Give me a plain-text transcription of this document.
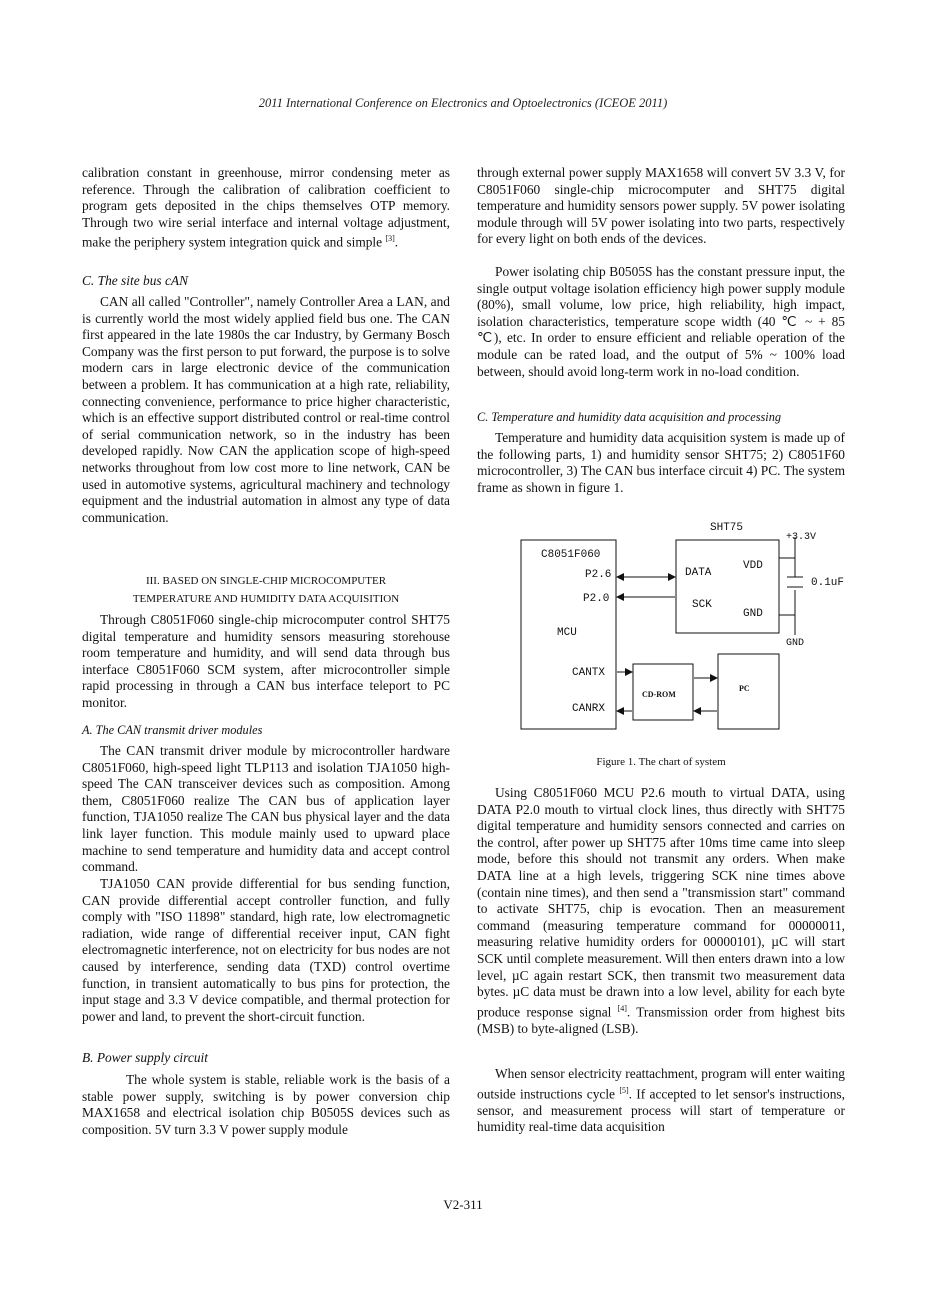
2011 International Conference on Electronics and Optoelectronics (ICEOE 2011)

calibration constant in greenhouse, mirror condensing meter as reference. Through the calibration of calibration coefficient to program gets deposited in the chips themselves OTP memory. Through two wire serial interface and internal voltage adjustment, make the periphery system integration quick and simple [3].

C. The site bus cAN

CAN all called "Controller", namely Controller Area a LAN, and is currently world the most widely applied field bus one. The CAN first appeared in the late 1980s the car Industry, by Germany Bosch Company was the first person to put forward, the purpose is to solve modern cars in large electronic device of the communication between a problem. It has communication at a high rate, reliability, connecting convenience, performance to price higher characteristic, which is an effective support distributed control or real-time control of serial communication network, so in the industry has been developed rapidly. Now CAN the application scope of high-speed networks throughout from low cost more to line network, CAN be used in automotive systems, agricultural machinery and technology equipment and the industrial automation in almost any type of data communication.

III. BASED ON SINGLE-CHIP MICROCOMPUTER
TEMPERATURE AND HUMIDITY DATA ACQUISITION

Through C8051F060 single-chip microcomputer control SHT75 digital temperature and humidity sensors measuring storehouse room temperature and humidity, and will send data through bus interface C8051F060 SCM system, after microcontroller simple rapid processing in through a CAN bus interface teleport to PC monitor.

A. The CAN transmit driver modules

The CAN transmit driver module by microcontroller hardware C8051F060, high-speed light TLP113 and isolation TJA1050 high-speed The CAN transceiver devices such as composition. Among them, C8051F060 realize The CAN bus of application layer function, TJA1050 realize The CAN bus physical layer and the data link layer function. This module mainly used to upward place machine to send temperature and humidity data and accept control command.

TJA1050 CAN provide differential for bus sending function, CAN provide differential accept controller function, and fully comply with "ISO 11898" standard, high rate, low electromagnetic radiation, wide range of differential receiver input, CAN fight electromagnetic interference, not on electricity for bus nodes are not caused by interference, sending data (TXD) control overtime function, in transient automatically to bus pins for protection, the input stage and 3.3 V device compatible, and thermal protection for power and land, to prevent the short-circuit function.

B. Power supply circuit

The whole system is stable, reliable work is the basis of a stable power supply, switching is by power conversion chip MAX1658 and electrical isolation chip B0505S devices such as composition. 5V turn 3.3 V power supply module

through external power supply MAX1658 will convert 5V 3.3 V, for C8051F060 single-chip microcomputer and SHT75 digital temperature and humidity sensors power supply. 5V power isolating module through will 5V power isolating into two parts, respectively for every light on both ends of the devices.

Power isolating chip B0505S has the constant pressure input, the single output voltage isolation efficiency high power supply module (80%), small volume, low price, high reliability, high impact, isolation characteristics, temperature scope width (40 ℃ ~ + 85 ℃), etc. In order to ensure efficient and reliable operation of the module can be rated load, and the output of 5% ~ 100% load between, should avoid long-term work in no-load condition.

C. Temperature and humidity data acquisition and processing

Temperature and humidity data acquisition system is made up of the following parts, 1) and humidity sensor SHT75; 2) C8051F60 microcontroller, 3) The CAN bus interface circuit 4) PC. The system frame as shown in figure 1.

SHT75
C8051F060
P2.6
P2.0
MCU
CANTX
CANRX
DATA
SCK
VDD
GND
+3.3V
0.1uF
GND
CD-ROM
PC
Figure 1. The chart of system

Using C8051F060 MCU P2.6 mouth to virtual DATA, using DATA P2.0 mouth to virtual clock lines, thus directly with SHT75 digital temperature and humidity sensors connected and carries on the control, after power up SHT75 after 10ms time came into sleep mode, before this should not transmit any orders. When make DATA line at a high levels, triggering SCK nine times above (contain nine times), and then send a "transmission start" command to activate SHT75, chip is evocation. Then an measurement command (measuring temperature command for 00000011, measuring relative humidity orders for 00000101), µC will start SCK until complete measurement. Will then enters drawn into a low level, µC again restart SCK, then transmit two measurement data bytes. µC data must be drawn into a low level, ability for each byte produce response signal [4]. Transmission order from highest bits (MSB) to byte-aligned (LSB).

When sensor electricity reattachment, program will enter waiting outside instructions cycle [5]. If accepted to let sensor's instructions, sensor, and measurement process will start of temperature or humidity real-time data acquisition

V2-311
